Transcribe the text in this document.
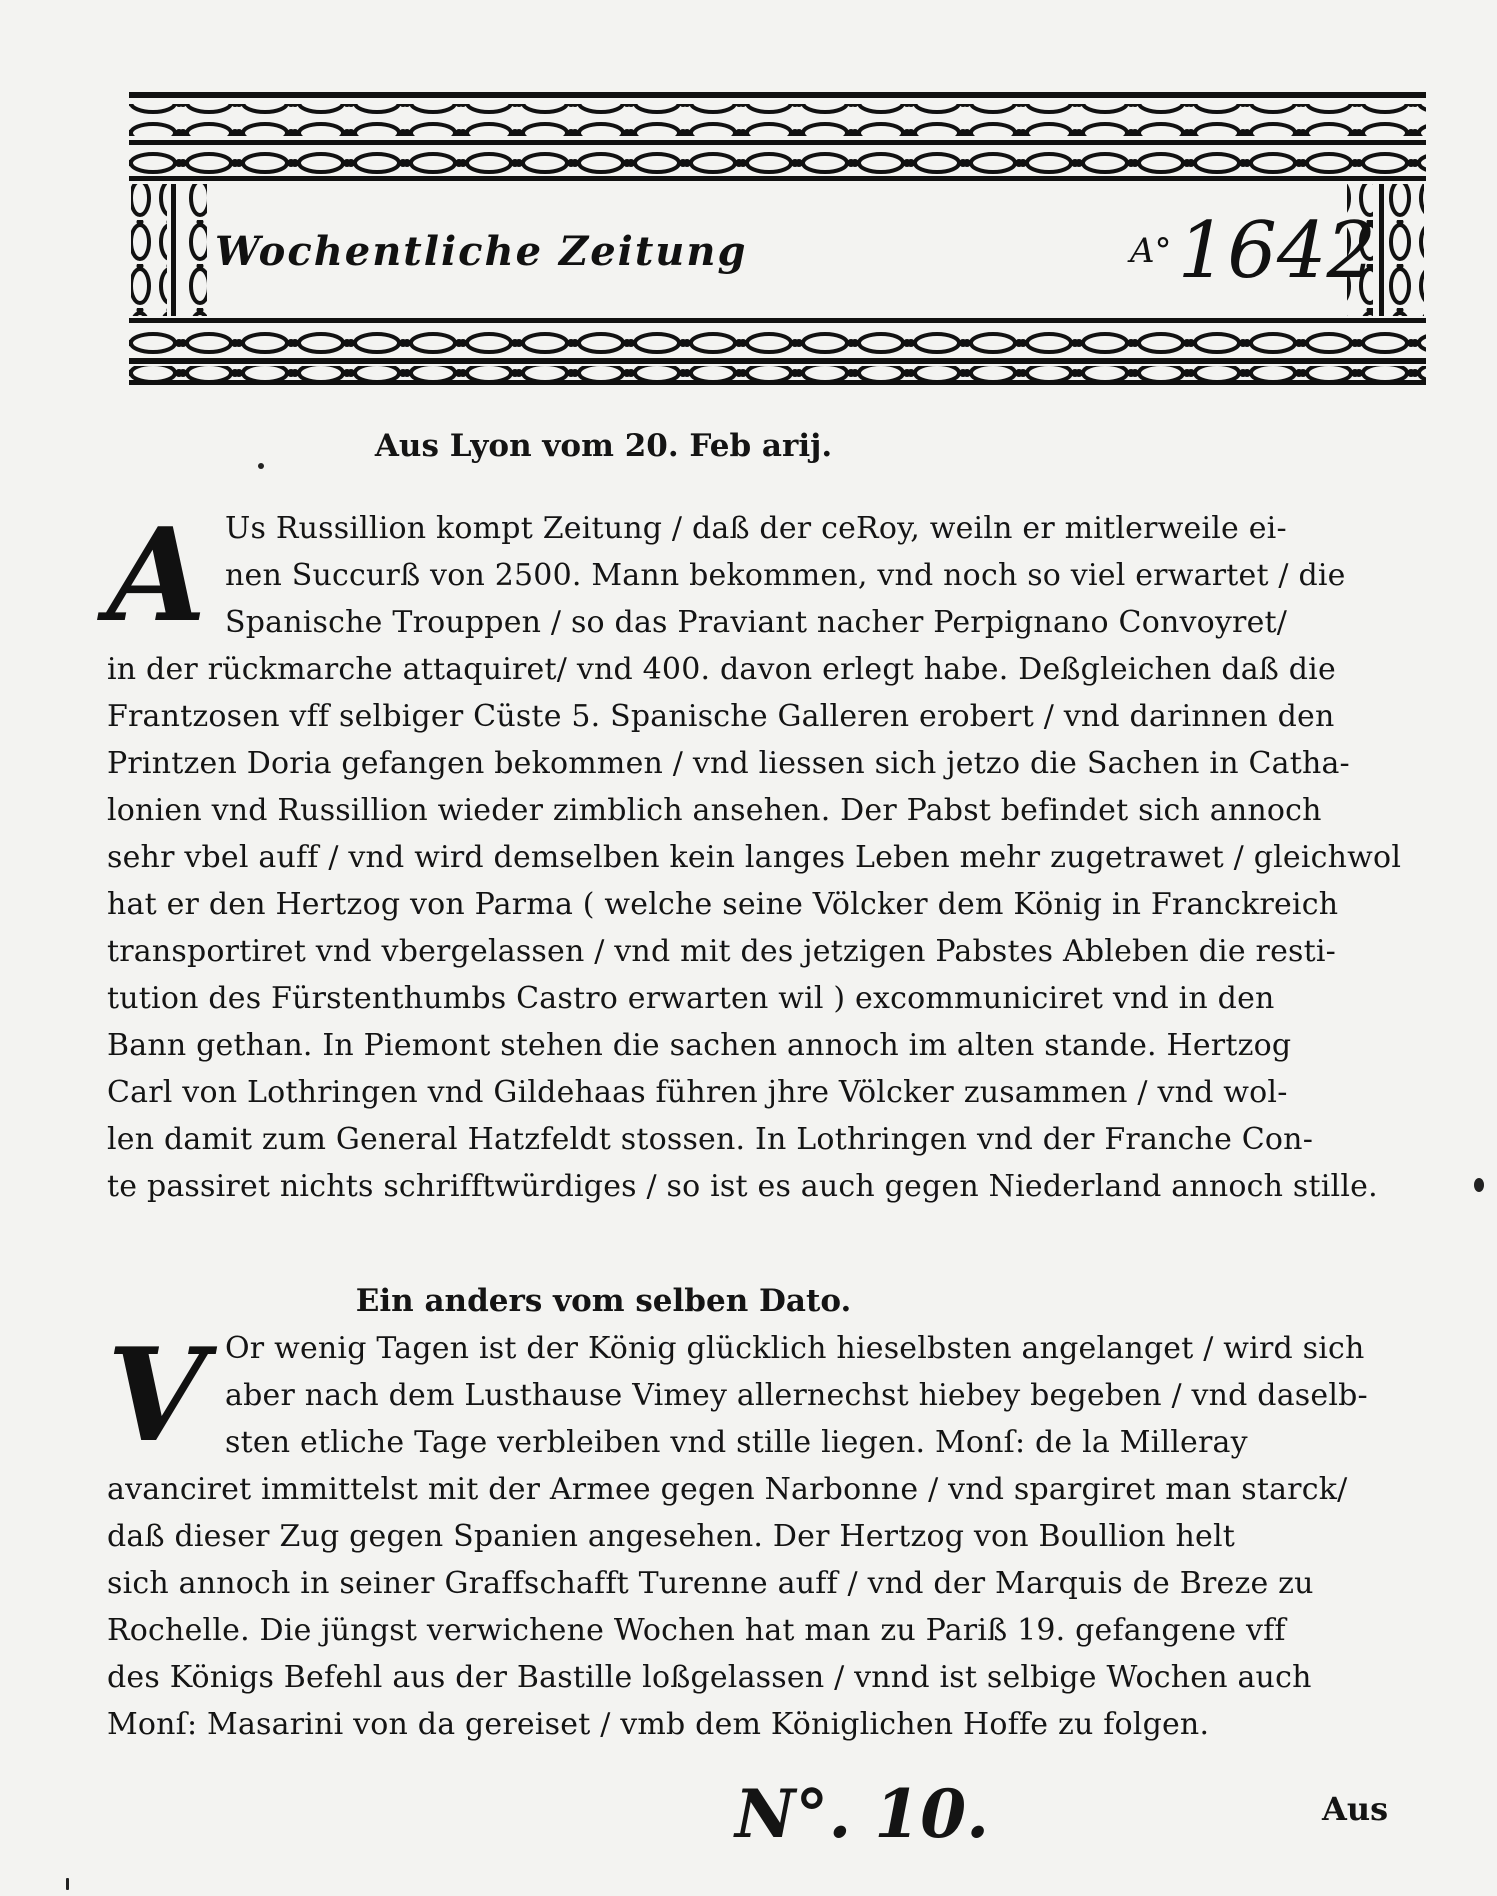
Wochentliche Zeitung	A° 1642
Aus Lyon vom 20. Feb arij.
A Us Russillion kompt Zeitung / daß der ceRoy, weiln er mitlerweile ei-
nen Succurß von 2500. Mann bekommen, vnd noch so viel erwartet / die
Spanische Trouppen / so das Praviant nacher Perpignano Convoyret/
in der rückmarche attaquiret/ vnd 400. davon erlegt habe. Deßgleichen daß die
Frantzosen vff selbiger Cüste 5. Spanische Galleren erobert / vnd darinnen den
Printzen Doria gefangen bekommen / vnd liessen sich jetzo die Sachen in Catha-
lonien vnd Russillion wieder zimblich ansehen. Der Pabst befindet sich annoch
sehr vbel auff / vnd wird demselben kein langes Leben mehr zugetrawet / gleichwol
hat er den Hertzog von Parma ( welche seine Völcker dem König in Franckreich
transportiret vnd vbergelassen / vnd mit des jetzigen Pabstes Ableben die resti-
tution des Fürstenthumbs Castro erwarten wil ) excommuniciret vnd in den
Bann gethan. In Piemont stehen die sachen annoch im alten stande. Hertzog
Carl von Lothringen vnd Gildehaas führen jhre Völcker zusammen / vnd wol-
len damit zum General Hatzfeldt stossen. In Lothringen vnd der Franche Con-
te passiret nichts schrifftwürdiges / so ist es auch gegen Niederland annoch stille.
Ein anders vom selben Dato.
V Or wenig Tagen ist der König glücklich hieselbsten angelanget / wird sich
aber nach dem Lusthause Vimey allernechst hiebey begeben / vnd daselb-
sten etliche Tage verbleiben vnd stille liegen. Monſ: de la Milleray
avanciret immittelst mit der Armee gegen Narbonne / vnd spargiret man starck/
daß dieser Zug gegen Spanien angesehen. Der Hertzog von Boullion helt
sich annoch in seiner Graffschafft Turenne auff / vnd der Marquis de Breze zu
Rochelle. Die jüngst verwichene Wochen hat man zu Pariß 19. gefangene vff
des Königs Befehl aus der Bastille loßgelassen / vnnd ist selbige Wochen auch
Monſ: Masarini von da gereiset / vmb dem Königlichen Hoffe zu folgen.
N°. 10.	Aus
